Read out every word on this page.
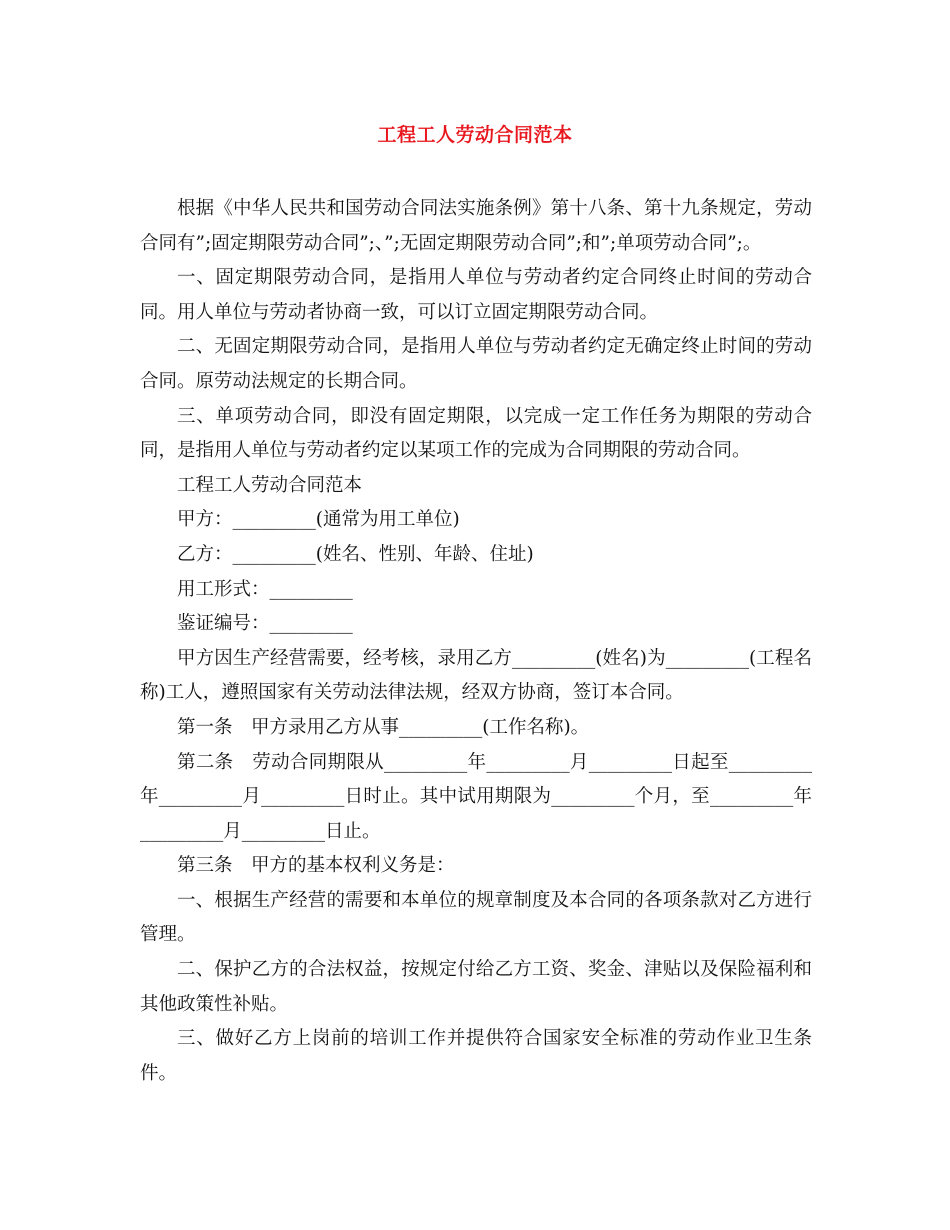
工程工人劳动合同范本

根据《中华人民共和国劳动合同法实施条例》第十八条、第十九条规定，劳动合同有”;固定期限劳动合同”;、”;无固定期限劳动合同”;和”;单项劳动合同”;。

一、固定期限劳动合同，是指用人单位与劳动者约定合同终止时间的劳动合同。用人单位与劳动者协商一致，可以订立固定期限劳动合同。

二、无固定期限劳动合同，是指用人单位与劳动者约定无确定终止时间的劳动合同。原劳动法规定的长期合同。

三、单项劳动合同，即没有固定期限，以完成一定工作任务为期限的劳动合同，是指用人单位与劳动者约定以某项工作的完成为合同期限的劳动合同。

工程工人劳动合同范本

甲方：_________(通常为用工单位)

乙方：_________(姓名、性别、年龄、住址)

用工形式：_________

鉴证编号：_________

甲方因生产经营需要，经考核，录用乙方_________(姓名)为_________(工程名称)工人，遵照国家有关劳动法律法规，经双方协商，签订本合同。

第一条　甲方录用乙方从事_________(工作名称)。

第二条　劳动合同期限从_________年_________月_________日起至_________年_________月_________日时止。其中试用期限为_________个月，至_________年_________月_________日止。

第三条　甲方的基本权利义务是：

一、根据生产经营的需要和本单位的规章制度及本合同的各项条款对乙方进行管理。

二、保护乙方的合法权益，按规定付给乙方工资、奖金、津贴以及保险福利和其他政策性补贴。

三、做好乙方上岗前的培训工作并提供符合国家安全标准的劳动作业卫生条件。
